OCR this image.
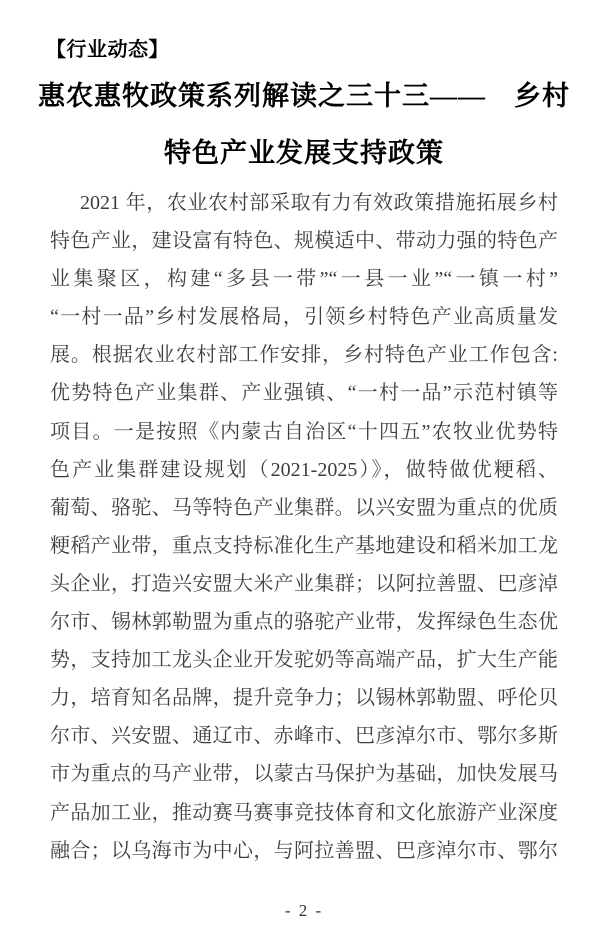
【行业动态】
惠农惠牧政策系列解读之三十三——　乡村
特色产业发展支持政策
2021 年，农业农村部采取有力有效政策措施拓展乡村
特色产业，建设富有特色、规模适中、带动力强的特色产
业集聚区，构建“多县一带”“一县一业”“一镇一村”
“一村一品”乡村发展格局，引领乡村特色产业高质量发
展。根据农业农村部工作安排，乡村特色产业工作包含:
优势特色产业集群、产业强镇、“一村一品”示范村镇等
项目。一是按照《内蒙古自治区“十四五”农牧业优势特
色产业集群建设规划（2021-2025）》，做特做优粳稻、
葡萄、骆驼、马等特色产业集群。以兴安盟为重点的优质
粳稻产业带，重点支持标准化生产基地建设和稻米加工龙
头企业，打造兴安盟大米产业集群；以阿拉善盟、巴彦淖
尔市、锡林郭勒盟为重点的骆驼产业带，发挥绿色生态优
势，支持加工龙头企业开发驼奶等高端产品，扩大生产能
力，培育知名品牌，提升竞争力；以锡林郭勒盟、呼伦贝
尔市、兴安盟、通辽市、赤峰市、巴彦淖尔市、鄂尔多斯
市为重点的马产业带，以蒙古马保护为基础，加快发展马
产品加工业，推动赛马赛事竞技体育和文化旅游产业深度
融合；以乌海市为中心，与阿拉善盟、巴彦淖尔市、鄂尔
- 2 -
